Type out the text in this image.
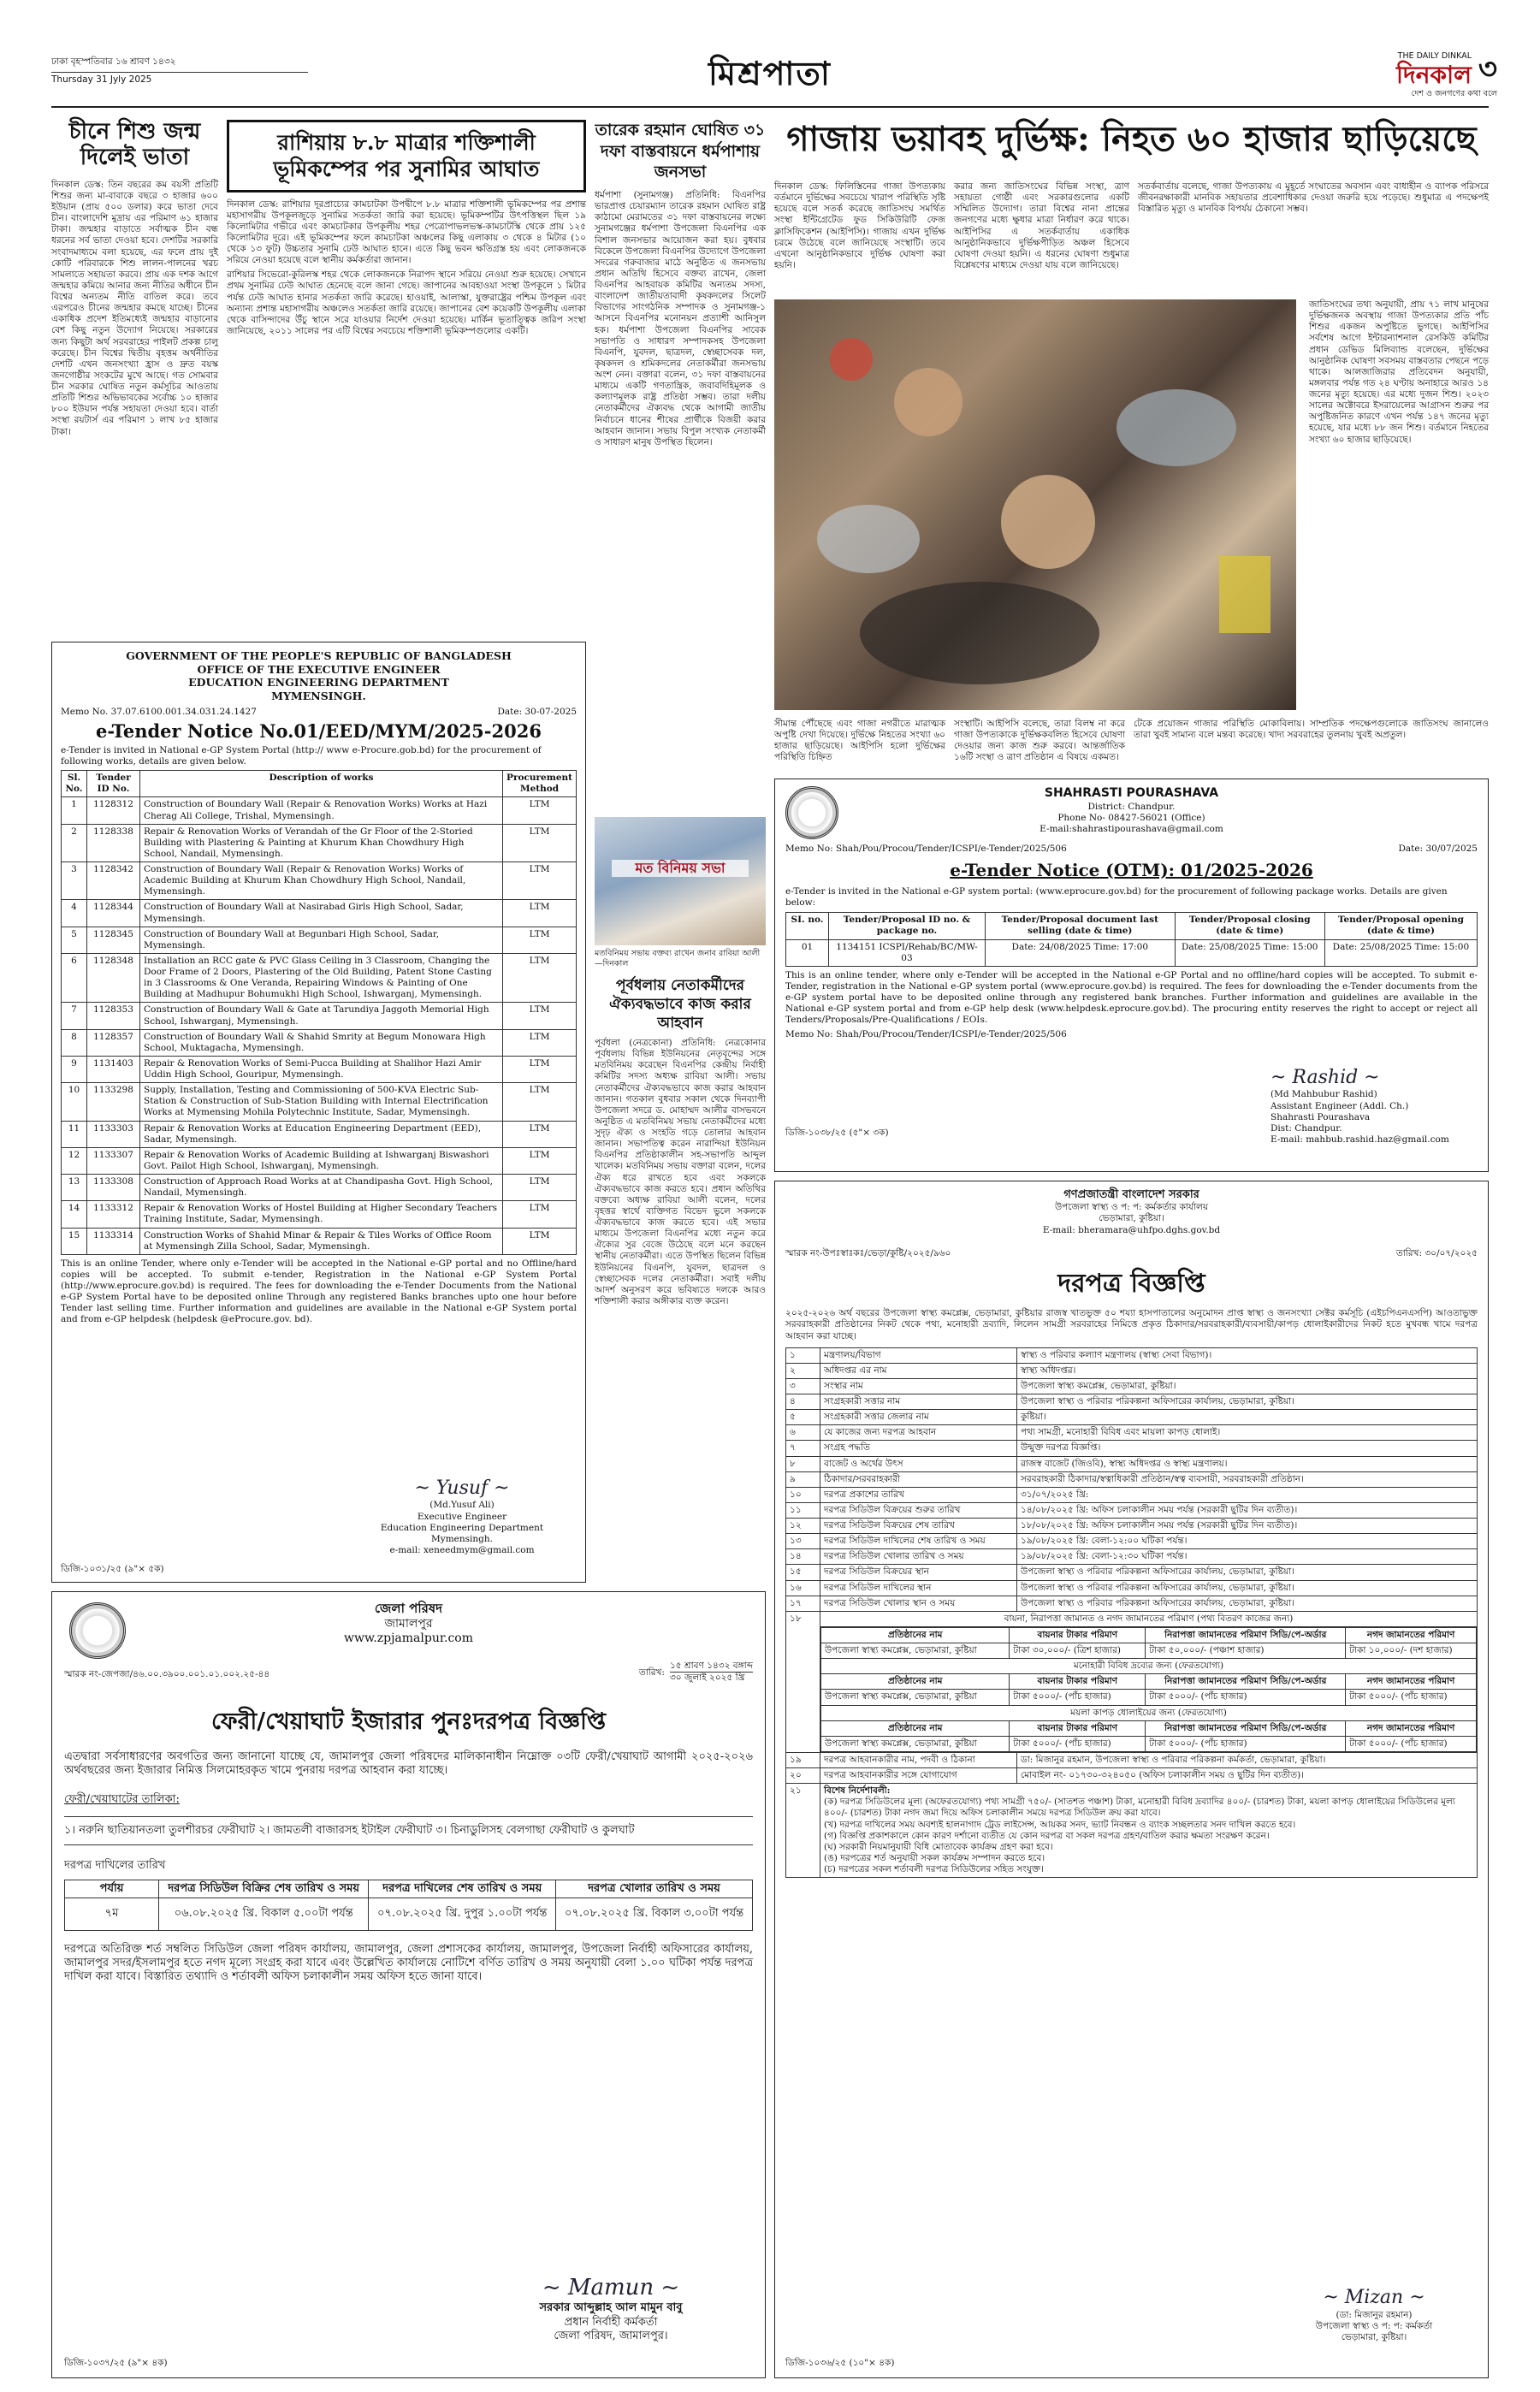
ঢাকা বৃহস্পতিবার ১৬ শ্রাবণ ১৪৩২
Thursday 31 Jyly 2025	মিশ্রপাতা	THE DAILY DINKAL
দিনকাল ৩
দেশ ও জনগণের কথা বলে
চীনে শিশু জন্ম দিলেই ভাতা
দিনকাল ডেস্ক: তিন বছরের কম বয়সী প্রতিটি শিশুর জন্য মা-বাবাকে বছরে ৩ হাজার ৬০০ ইউয়ান (প্রায় ৫০০ ডলার) করে ভাতা দেবে চীন। বাংলাদেশি মুদ্রায় এর পরিমাণ ৬১ হাজার টাকা। জন্মহার বাড়াতে সর্বাত্মক চীন বন্ধ ধরনের সর্ব ভাতা দেওয়া হবে। দেশটির সরকারি সংবাদমাধ্যমে বলা হয়েছে, এর ফলে প্রায় দুই কোটি পরিবারকে শিশু লালন-পালনের খরচ সামলাতে সহায়তা করবে। প্রায় এক দশক আগে জন্মহার কমিয়ে আনার জন্য নীতির অধীনে চীন বিশ্বের অন্যতম নীতি বাতিল করে। তবে এরপরেও চীনের জন্মহার কমছে যাচ্ছে। চীনের একাধিক প্রদেশ ইতিমধ্যেই জন্মহার বাড়ানোর বেশ কিছু নতুন উদ্যোগ নিয়েছে। সরকারের জন্য কিছুটা অর্থ সরবরাহের পাইলট প্রকল্প চালু করেছে। চীন বিশ্বের দ্বিতীয় বৃহত্তম অর্থনীতির দেশটি এখন জনসংখ্যা হ্রাস ও দ্রুত বয়স্ক জনগোষ্ঠীর সংকটের মুখে আছে। গত সোমবার চীন সরকার ঘোষিত নতুন কর্মসূচির আওতায় প্রতিটি শিশুর অভিভাবকের সর্বোচ্চ ১০ হাজার ৮০০ ইউয়ান পর্যন্ত সহায়তা দেওয়া হবে। বার্তা সংস্থা রয়টার্স এর পরিমাণ ১ লাখ ৮৫ হাজার টাকা।
রাশিয়ায় ৮.৮ মাত্রার শক্তিশালী ভূমিকম্পের পর সুনামির আঘাত
দিনকাল ডেস্ক: রাশিয়ার দূরপ্রাচ্যের কামচাটকা উপদ্বীপে ৮.৮ মাত্রার শক্তিশালী ভূমিকম্পের পর প্রশান্ত মহাসাগরীয় উপকূলজুড়ে সুনামির সতর্কতা জারি করা হয়েছে। ভূমিকম্পটির উৎপত্তিস্থল ছিল ১৯ কিলোমিটার গভীরে এবং কামচাটকার উপকূলীয় শহর পেত্রোপাভলভস্ক-কামচাটস্কি থেকে প্রায় ১২৫ কিলোমিটার দূরে। এই ভূমিকম্পের ফলে কামচাটকা অঞ্চলের কিছু এলাকায় ৩ থেকে ৪ মিটার (১০ থেকে ১৩ ফুট) উচ্চতার সুনামি ঢেউ আঘাত হানে। এতে কিছু ভবন ক্ষতিগ্রস্ত হয় এবং লোকজনকে সরিয়ে নেওয়া হয়েছে বলে স্থানীয় কর্মকর্তারা জানান।
রাশিয়ার সিভেরো-কুরিলস্ক শহর থেকে লোকজনকে নিরাপদ স্থানে সরিয়ে নেওয়া শুরু হয়েছে। সেখানে প্রথম সুনামির ঢেউ আঘাত হেনেছে বলে জানা গেছে। জাপানের আবহাওয়া সংস্থা উপকূলে ১ মিটার পর্যন্ত ঢেউ আঘাত হানার সতর্কতা জারি করেছে। হাওয়াই, আলাস্কা, যুক্তরাষ্ট্রের পশ্চিম উপকূল এবং অন্যান্য প্রশান্ত মহাসাগরীয় অঞ্চলেও সতর্কতা জারি রয়েছে। জাপানের বেশ কয়েকটি উপকূলীয় এলাকা থেকে বাসিন্দাদের উঁচু স্থানে সরে যাওয়ার নির্দেশ দেওয়া হয়েছে। মার্কিন ভূতাত্ত্বিক জরিপ সংস্থা জানিয়েছে, ২০১১ সালের পর এটি বিশ্বের সবচেয়ে শক্তিশালী ভূমিকম্পগুলোর একটি।
তারেক রহমান ঘোষিত ৩১ দফা বাস্তবায়নে ধর্মপাশায় জনসভা
ধর্মপাশা (সুনামগঞ্জ) প্রতিনিধি: বিএনপির ভারপ্রাপ্ত চেয়ারম্যান তারেক রহমান ঘোষিত রাষ্ট্র কাঠামো মেরামতের ৩১ দফা বাস্তবায়নের লক্ষ্যে সুনামগঞ্জের ধর্মপাশা উপজেলা বিএনপির এক বিশাল জনসভার আয়োজন করা হয়। বুধবার বিকেলে উপজেলা বিএনপির উদ্যোগে উপজেলা সদরের গরুবাজার মাঠে অনুষ্ঠিত এ জনসভায় প্রধান অতিথি হিসেবে বক্তব্য রাখেন, জেলা বিএনপির আহবায়ক কমিটির অন্যতম সদস্য, বাংলাদেশ জাতীয়তাবাদী কৃষকদলের সিলেট বিভাগের সাংগঠনিক সম্পাদক ও সুনামগঞ্জ-১ আসনে বিএনপির মনোনয়ন প্রত্যাশী আনিসুল হক। ধর্মপাশা উপজেলা বিএনপির সাবেক সভাপতি ও সাধারণ সম্পাদকসহ উপজেলা বিএনপি, যুবদল, ছাত্রদল, স্বেচ্ছাসেবক দল, কৃষকদল ও শ্রমিকদলের নেতাকর্মীরা জনসভায় অংশ নেন। বক্তারা বলেন, ৩১ দফা বাস্তবায়নের মাধ্যমে একটি গণতান্ত্রিক, জবাবদিহিমূলক ও কল্যাণমূলক রাষ্ট্র প্রতিষ্ঠা সম্ভব। তারা দলীয় নেতাকর্মীদের ঐক্যবদ্ধ থেকে আগামী জাতীয় নির্বাচনে ধানের শীষের প্রার্থীকে বিজয়ী করার আহবান জানান। সভায় বিপুল সংখ্যক নেতাকর্মী ও সাধারণ মানুষ উপস্থিত ছিলেন।
গাজায় ভয়াবহ দুর্ভিক্ষ: নিহত ৬০ হাজার ছাড়িয়েছে
দিনকাল ডেস্ক: ফিলিস্তিনের গাজা উপত্যকায় বর্তমানে দুর্ভিক্ষের সবচেয়ে খারাপ পরিস্থিতি সৃষ্টি হয়েছে বলে সতর্ক করেছে জাতিসংঘ সমর্থিত সংস্থা ইন্টিগ্রেটেড ফুড সিকিউরিটি ফেজ ক্লাসিফিকেশন (আইপিসি)। গাজায় এখন দুর্ভিক্ষ চরমে উঠেছে বলে জানিয়েছে সংস্থাটি। তবে এখনো আনুষ্ঠানিকভাবে দুর্ভিক্ষ ঘোষণা করা হয়নি।
করার জন্য জাতিসংঘের বিভিন্ন সংস্থা, ত্রাণ সহায়তা গোষ্ঠী এবং সরকারগুলোর একটি সম্মিলিত উদ্যোগ। তারা বিশ্বের নানা প্রান্তের জনগণের মধ্যে ক্ষুধার মাত্রা নির্ধারণ করে থাকে। আইপিসির এ সতর্কবার্তায় একাধিক আনুষ্ঠানিকভাবে দুর্ভিক্ষপীড়িত অঞ্চল হিসেবে ঘোষণা দেওয়া হয়নি। এ ধরনের ঘোষণা শুধুমাত্র বিশ্লেষণের মাধ্যমে দেওয়া যায় বলে জানিয়েছে।
সতর্কবার্তায় বলেছে, গাজা উপত্যকায় এ মুহূর্তে সংঘাতের অবসান এবং বাধাহীন ও ব্যাপক পরিসরে জীবনরক্ষাকারী মানবিক সহায়তার প্রবেশাধিকার দেওয়া জরুরি হয়ে পড়েছে। শুধুমাত্র এ পদক্ষেপই বিস্তারিত মৃত্যু ও মানবিক বিপর্যয় ঠেকানো সম্ভব।
জাতিসংঘের তথ্য অনুযায়ী, প্রায় ৭১ লাখ মানুষের দুর্ভিক্ষজনক অবস্থায় গাজা উপত্যকার প্রতি পাঁচ শিশুর একজন অপুষ্টিতে ভুগছে। আইপিসির সর্বশেষ আগে ইন্টারন্যাশনাল রেসকিউ কমিটির প্রধান ডেভিড মিলিব্যান্ড বলেছেন, দুর্ভিক্ষের আনুষ্ঠানিক ঘোষণা সবসময় বাস্তবতার পেছনে পড়ে থাকে। আলজাজিরার প্রতিবেদন অনুযায়ী, মঙ্গলবার পর্যন্ত গত ২৪ ঘণ্টায় অনাহারে আরও ১৪ জনের মৃত্যু হয়েছে। এর মধ্যে দুজন শিশু। ২০২৩ সালের অক্টোবরে ইসরায়েলের আগ্রাসন শুরুর পর অপুষ্টিজনিত কারণে এখন পর্যন্ত ১৪৭ জনের মৃত্যু হয়েছে, যার মধ্যে ৮৮ জন শিশু। বর্তমানে নিহতের সংখ্যা ৬০ হাজার ছাড়িয়েছে।
সীমান্ত পৌঁছেছে এবং গাজা নগরীতে মারাত্মক অপুষ্টি দেখা দিয়েছে। দুর্ভিক্ষে নিহতের সংখ্যা ৬০ হাজার ছাড়িয়েছে। আইপিসি হলো দুর্ভিক্ষের পরিস্থিতি চিহ্নিত
সংস্থাটি। আইপিসি বলেছে, তারা বিলম্ব না করে গাজা উপত্যকাকে দুর্ভিক্ষকবলিত হিসেবে ঘোষণা দেওয়ার জন্য কাজ শুরু করবে। আন্তর্জাতিক ১৬টি সংস্থা ও ত্রাণ প্রতিষ্ঠান এ বিষয়ে একমত।
টেকে প্রয়োজন গাজার পরিস্থিতি মোকাবিলায়। সাম্প্রতিক পদক্ষেপগুলোকে জাতিসংঘ জানালেও তারা খুবই সামান্য বলে মন্তব্য করেছে। খাদ্য সরবরাহের তুলনায় খুবই অপ্রতুল।
GOVERNMENT OF THE PEOPLE'S REPUBLIC OF BANGLADESH
OFFICE OF THE EXECUTIVE ENGINEER
EDUCATION ENGINEERING DEPARTMENT
MYMENSINGH.
Memo No. 37.07.6100.001.34.031.24.1427	Date: 30-07-2025
e-Tender Notice No.01/EED/MYM/2025-2026
e-Tender is invited in National e-GP System Portal (http:// www e-Procure.gob.bd) for the procurement of following works, details are given below.
Sl. No.	Tender ID No.	Description of works	Procurement Method
1	1128312	Construction of Boundary Wall (Repair & Renovation Works) Works at Hazi Cherag Ali College, Trishal, Mymensingh.	LTM
2	1128338	Repair & Renovation Works of Verandah of the Gr Floor of the 2-Storied Building with Plastering & Painting at Khurum Khan Chowdhury High School, Nandail, Mymensingh.	LTM
3	1128342	Construction of Boundary Wall (Repair & Renovation Works) Works of Academic Building at Khurum Khan Chowdhury High School, Nandail, Mymensingh.	LTM
4	1128344	Construction of Boundary Wall at Nasirabad Girls High School, Sadar, Mymensingh.	LTM
5	1128345	Construction of Boundary Wall at Begunbari High School, Sadar, Mymensingh.	LTM
6	1128348	Installation an RCC gate & PVC Glass Ceiling in 3 Classroom, Changing the Door Frame of 2 Doors, Plastering of the Old Building, Patent Stone Casting in 3 Classrooms & One Veranda, Repairing Windows & Painting of One Building at Madhupur Bohumukhi High School, Ishwarganj, Mymensingh.	LTM
7	1128353	Construction of Boundary Wall & Gate at Tarundiya Jaggoth Memorial High School, Ishwarganj, Mymensingh.	LTM
8	1128357	Construction of Boundary Wall & Shahid Smrity at Begum Monowara High School, Muktagacha, Mymensingh.	LTM
9	1131403	Repair & Renovation Works of Semi-Pucca Building at Shalihor Hazi Amir Uddin High School, Gouripur, Mymensingh.	LTM
10	1133298	Supply, Installation, Testing and Commissioning of 500-KVA Electric Sub-Station & Construction of Sub-Station Building with Internal Electrification Works at Mymensing Mohila Polytechnic Institute, Sadar, Mymensingh.	LTM
11	1133303	Repair & Renovation Works at Education Engineering Department (EED), Sadar, Mymensingh.	LTM
12	1133307	Repair & Renovation Works of Academic Building at Ishwarganj Biswashori Govt. Pailot High School, Ishwarganj, Mymensingh.	LTM
13	1133308	Construction of Approach Road Works at at Chandipasha Govt. High School, Nandail, Mymensingh.	LTM
14	1133312	Repair & Renovation Works of Hostel Building at Higher Secondary Teachers Training Institute, Sadar, Mymensingh.	LTM
15	1133314	Construction Works of Shahid Minar & Repair & Tiles Works of Office Room at Mymensingh Zilla School, Sadar, Mymensingh.	LTM
This is an online Tender, where only e-Tender will be accepted in the National e-GP portal and no Offline/hard copies will be accepted. To submit e-tender, Registration in the National e-GP System Portal (http://www.eprocure.gov.bd) is required. The fees for downloading the e-Tender Documents from the National e-GP System Portal have to be deposited online Through any registered Banks branches upto one hour before Tender last selling time. Further information and guidelines are available in the National e-GP System portal and from e-GP helpdesk (helpdesk @eProcure.gov. bd).
~ Yusuf ~
(Md.Yusuf Ali)
Executive Engineer
Education Engineering Department
Mymensingh.
e-mail: xeneedmym@gmail.com
ডিজি-১০৩১/২৫ (৯"× ৫ক)
মত বিনিময় সভা
মতবিনিময় সভায় বক্তব্য রাখেন জনাব রাবিয়া আলী —দিনকাল
পূর্বধলায় নেতাকর্মীদের ঐক্যবদ্ধভাবে কাজ করার আহবান
পূর্বধলা (নেত্রকোনা) প্রতিনিধি: নেত্রকোনার পূর্বধলায় বিভিন্ন ইউনিয়নের নেতৃবৃন্দের সঙ্গে মতবিনিময় করেছেন বিএনপির কেন্দ্রীয় নির্বাহী কমিটির সদস্য অধ্যক্ষ রাবিয়া আলী। সভায় নেতাকর্মীদের ঐক্যবদ্ধভাবে কাজ করার আহবান জানান। গতকাল বুধবার সকাল থেকে দিনব্যাপী উপজেলা সদরে ড. মোহাম্মদ আলীর বাসভবনে অনুষ্ঠিত এ মতবিনিময় সভায় নেতাকর্মীদের মধ্যে সুদৃঢ় ঐক্য ও সংহতি গড়ে তোলার আহবান জানান। সভাপতিত্ব করেন নারান্দিয়া ইউনিয়ন বিএনপির প্রতিষ্ঠাকালীন সহ-সভাপতি আব্দুল খালেক। মতবিনিময় সভায় বক্তারা বলেন, দলের ঐক্য ধরে রাখতে হবে এবং সকলকে ঐক্যবদ্ধভাবে কাজ করতে হবে। প্রধান অতিথির বক্তব্যে অধ্যক্ষ রাবিয়া আলী বলেন, দলের বৃহত্তর স্বার্থে ব্যক্তিগত বিভেদ ভুলে সকলকে ঐক্যবদ্ধভাবে কাজ করতে হবে। এই সভার মাধ্যমে উপজেলা বিএনপির মধ্যে নতুন করে ঐক্যের সুর বেজে উঠেছে বলে মনে করছেন স্থানীয় নেতাকর্মীরা। এতে উপস্থিত ছিলেন বিভিন্ন ইউনিয়নের বিএনপি, যুবদল, ছাত্রদল ও স্বেচ্ছাসেবক দলের নেতাকর্মীরা। সবাই দলীয় আদর্শ অনুসরণ করে ভবিষ্যতে দলকে আরও শক্তিশালী করার অঙ্গীকার ব্যক্ত করেন।
SHAHRASTI POURASHAVA
District: Chandpur.
Phone No- 08427-56021 (Office)
E-mail:shahrastipourashava@gmail.com
Memo No: Shah/Pou/Procou/Tender/ICSPI/e-Tender/2025/506	Date: 30/07/2025
e-Tender Notice (OTM): 01/2025-2026
e-Tender is invited in the National e-GP system portal: (www.eprocure.gov.bd) for the procurement of following package works. Details are given below:
SI. no.	Tender/Proposal ID no. & package no.	Tender/Proposal document last selling (date & time)	Tender/Proposal closing (date & time)	Tender/Proposal opening (date & time)
01	1134151 ICSPI/Rehab/BC/MW-03	Date: 24/08/2025 Time: 17:00	Date: 25/08/2025 Time: 15:00	Date: 25/08/2025 Time: 15:00
This is an online tender, where only e-Tender will be accepted in the National e-GP Portal and no offline/hard copies will be accepted. To submit e-Tender, registration in the National e-GP system portal (www.eprocure.gov.bd) is required. The fees for downloading the e-Tender documents from the e-GP system portal have to be deposited online through any registered bank branches. Further information and guidelines are available in the National e-GP system portal and from e-GP help desk (www.helpdesk.eprocure.gov.bd). The procuring entity reserves the right to accept or reject all Tenders/Proposals/Pre-Qualifications / EOIs.
Memo No: Shah/Pou/Procou/Tender/ICSPI/e-Tender/2025/506
~ Rashid ~
(Md Mahbubur Rashid)
Assistant Engineer (Addl. Ch.)
Shahrasti Pourashava
Dist: Chandpur.
E-mail: mahbub.rashid.haz@gmail.com
ডিজি-১০৩৮/২৫ (৫"× ৩ক)
গণপ্রজাতন্ত্রী বাংলাদেশ সরকার
উপজেলা স্বাস্থ্য ও প: প: কর্মকর্তার কার্যালয়
ভেড়ামারা, কুষ্টিয়া।
E-mail: bheramara@uhfpo.dghs.gov.bd
স্মারক নং-উপঃস্বাঃকঃ/ভেড়া/কুষ্টি/২০২৫/৯৬০	তারিখ: ৩০/০৭/২০২৫
দরপত্র বিজ্ঞপ্তি
২০২৫-২০২৬ অর্থ বছরের উপজেলা স্বাস্থ্য কমপ্লেক্স, ভেড়ামারা, কুষ্টিয়ার রাজস্ব খাতভুক্ত ৫০ শয্যা হাসপাতালের অনুমোদন প্রাপ্ত স্বাস্থ্য ও জনসংখ্যা সেক্টর কর্মসূচি (এইচপিএনএসপি) আওতাভুক্ত সরবরাহকারী প্রতিষ্ঠানের নিকট থেকে পথ্য, মনোহারী দ্রব্যাদি, লিলেন সামগ্রী সরবরাহের নিমিত্তে প্রকৃত ঠিকাদার/সরবরাহকারী/ব্যবসায়ী/কাপড় ধোলাইকারীদের নিকট হতে মুখবন্ধ খামে দরপত্র আহবান করা যাচ্ছে।
১	মন্ত্রণালয়/বিভাগ	স্বাস্থ্য ও পরিবার কল্যাণ মন্ত্রণালয় (স্বাস্থ্য সেবা বিভাগ)।
২	অধিদপ্তর এর নাম	স্বাস্থ্য অধিদপ্তর।
৩	সংস্থার নাম	উপজেলা স্বাস্থ্য কমপ্লেক্স, ভেড়ামারা, কুষ্টিয়া।
৪	সংগ্রহকারী সত্তার নাম	উপজেলা স্বাস্থ্য ও পরিবার পরিকল্পনা অফিসারের কার্যালয়, ভেড়ামারা, কুষ্টিয়া।
৫	সংগ্রহকারী সত্তার জেলার নাম	কুষ্টিয়া।
৬	যে কাজের জন্য দরপত্র আহবান	পথ্য সামগ্রী, মনোহারী বিবিধ এবং মায়লা কাপড় ধোলাই।
৭	সংগ্রহ পদ্ধতি	উন্মুক্ত দরপত্র বিজ্ঞপ্তি।
৮	বাজেট ও অর্থের উৎস	রাজস্ব বাজেট (জিওবি), স্বাস্থ্য অধিদপ্তর ও স্বাস্থ্য মন্ত্রণালয়।
৯	ঠিকাদার/সরবরাহকারী	সরবরাহকারী ঠিকাদার/স্বত্বাধিকারী প্রতিষ্ঠান/স্বত্ব ব্যবসায়ী, সরবরাহকারী প্রতিষ্ঠান।
১০	দরপত্র প্রকাশের তারিখ	৩১/০৭/২০২৫ খ্রি:
১১	দরপত্র সিডিউল বিক্রয়ের শুরুর তারিখ	১৪/০৮/২০২৫ খ্রি: অফিস চলাকালীন সময় পর্যন্ত (সরকারী ছুটির দিন ব্যতীত)।
১২	দরপত্র সিডিউল বিক্রয়ের শেষ তারিখ	১৮/০৮/২০২৫ খ্রি: অফিস চলাকালীন সময় পর্যন্ত (সরকারী ছুটির দিন ব্যতীত)।
১৩	দরপত্র সিডিউল দাখিলের শেষ তারিখ ও সময়	১৯/০৮/২০২৫ খ্রি: বেলা-১২:০০ ঘটিকা পর্যন্ত।
১৪	দরপত্র সিডিউল খোলার তারিখ ও সময়	১৯/০৮/২০২৫ খ্রি: বেলা-১২:৩০ ঘটিকা পর্যন্ত।
১৫	দরপত্র সিডিউল বিক্রয়ের স্থান	উপজেলা স্বাস্থ্য ও পরিবার পরিকল্পনা অফিসারের কার্যালয়, ভেড়ামারা, কুষ্টিয়া।
১৬	দরপত্র সিডিউল দাখিলের স্থান	উপজেলা স্বাস্থ্য ও পরিবার পরিকল্পনা অফিসারের কার্যালয়, ভেড়ামারা, কুষ্টিয়া।
১৭	দরপত্র সিডিউল খোলার স্থান ও সময়	উপজেলা স্বাস্থ্য ও পরিবার পরিকল্পনা অফিসারের কার্যালয়, ভেড়ামারা, কুষ্টিয়া।
১৮	বায়না, নিরাপত্তা জামানত ও নগদ জামানতের পরিমাণ (পথ্য বিতরণ কাজের জন্য)
প্রতিষ্ঠানের নাম	বায়নার টাকার পরিমাণ	নিরাপত্তা জামানতের পরিমাণ সিডি/পে-অর্ডার	নগদ জামানতের পরিমাণ
উপজেলা স্বাস্থ্য কমপ্লেক্স, ভেড়ামারা, কুষ্টিয়া	টাকা ৩০,০০০/- (ত্রিশ হাজার)	টাকা ৫০,০০০/- (পঞ্চাশ হাজার)	টাকা ১০,০০০/- (দশ হাজার)
মনোহারী বিবিধ দ্রব্যের জন্য (ফেরতযোগ্য)
প্রতিষ্ঠানের নাম	বায়নার টাকার পরিমাণ	নিরাপত্তা জামানতের পরিমাণ সিডি/পে-অর্ডার	নগদ জামানতের পরিমাণ
উপজেলা স্বাস্থ্য কমপ্লেক্স, ভেড়ামারা, কুষ্টিয়া	টাকা ৫০০০/- (পাঁচ হাজার)	টাকা ৫০০০/- (পাঁচ হাজার)	টাকা ৫০০০/- (পাঁচ হাজার)
ময়লা কাপড় ধোলাইয়ের জন্য (ফেরতযোগ্য)
প্রতিষ্ঠানের নাম	বায়নার টাকার পরিমাণ	নিরাপত্তা জামানতের পরিমাণ সিডি/পে-অর্ডার	নগদ জামানতের পরিমাণ
উপজেলা স্বাস্থ্য কমপ্লেক্স, ভেড়ামারা, কুষ্টিয়া	টাকা ৫০০০/- (পাঁচ হাজার)	টাকা ৫০০০/- (পাঁচ হাজার)	টাকা ৫০০০/- (পাঁচ হাজার)

১৯	দরপত্র আহবানকারীর নাম, পদবী ও ঠিকানা	ডা: মিজানুর রহমান, উপজেলা স্বাস্থ্য ও পরিবার পরিকল্পনা কর্মকর্তা, ভেড়ামারা, কুষ্টিয়া।
২০	দরপত্র আহবানকারীর সঙ্গে যোগাযোগ	মোবাইল নং- ০১৭৩০-৩২৪০৫০ (অফিস চলাকালীন সময় ও ছুটির দিন ব্যতীত)।
২১	বিশেষ নির্দেশাবলী:
(ক) দরপত্র সিডিউলের মূল্য (অফেরতযোগ্য) পথ্য সামগ্রী ৭৫০/- (সাতশত পঞ্চাশ) টাকা, মনোহারী বিবিধ দ্রব্যাদির ৪০০/- (চারশত) টাকা, ময়লা কাপড় ধোলাইয়ের সিডিউলের মূল্য ৪০০/- (চারশত) টাকা নগদ জমা দিয়ে অফিস চলাকালীন সময়ে দরপত্র সিডিউল ক্রয় করা যাবে।
(খ) দরপত্র দাখিলের সময় অবশ্যই হালনাগাদ ট্রেড লাইসেন্স, আয়কর সনদ, ভ্যাট নিবন্ধন ও ব্যাংক সচ্ছলতার সনদ দাখিল করতে হবে।
(গ) বিজ্ঞপ্তি প্রকাশকালে কোন কারণ দর্শানো ব্যতীত যে কোন দরপত্র বা সকল দরপত্র গ্রহণ/বাতিল করার ক্ষমতা সংরক্ষণ করেন।
(ঘ) সরকারী নিয়মানুযায়ী বিধি মোতাবেক কার্যক্রম গ্রহণ করা হবে।
(ঙ) দরপত্রের শর্ত অনুযায়ী সকল কার্যক্রম সম্পাদন করতে হবে।
(চ) দরপত্রের সকল শর্তাবলী দরপত্র সিডিউলের সহিত সংযুক্ত।
~ Mizan ~
(ডা: মিজানুর রহমান)
উপজেলা স্বাস্থ্য ও প: প: কর্মকর্তা
ভেড়ামারা, কুষ্টিয়া।
ডিজি-১০৩৬/২৫ (১০"× ৪ক)
জেলা পরিষদ
জামালপুর
www.zpjamalpur.com
স্মারক নং-জেপজা/৪৬.০০.৩৯০০.০০১.০১.০০২.২৫-৪৪	তারিখ:
১৫ শ্রাবণ ১৪৩২ বঙ্গাব্দ
৩০ জুলাই ২০২৫ খ্রি
ফেরী/খেয়াঘাট ইজারার পুনঃদরপত্র বিজ্ঞপ্তি
এতদ্বারা সর্বসাধারণের অবগতির জন্য জানানো যাচ্ছে যে, জামালপুর জেলা পরিষদের মালিকানাধীন নিম্নোক্ত ০৩টি ফেরী/খেয়াঘাট আগামী ২০২৫-২০২৬ অর্থবছরের জন্য ইজারার নিমিত্ত সিলমোহরকৃত খামে পুনরায় দরপত্র আহবান করা যাচ্ছে।
ফেরী/খেয়াঘাটের তালিকা:
১। নরুনি ছাতিয়ানতলা তুলশীরচর ফেরীঘাট ২। জামতলী বাজারসহ ইটাইল ফেরীঘাট ৩। চিনাডুলিসহ বেলগাছা ফেরীঘাট ও কুলঘাট
দরপত্র দাখিলের তারিখ
পর্যায়	দরপত্র সিডিউল বিক্রির শেষ তারিখ ও সময়	দরপত্র দাখিলের শেষ তারিখ ও সময়	দরপত্র খোলার তারিখ ও সময়
৭ম	০৬.০৮.২০২৫ খ্রি. বিকাল ৫.০০টা পর্যন্ত	০৭.০৮.২০২৫ খ্রি. দুপুর ১.০০টা পর্যন্ত	০৭.০৮.২০২৫ খ্রি. বিকাল ৩.০০টা পর্যন্ত
দরপত্রে অতিরিক্ত শর্ত সম্বলিত সিডিউল জেলা পরিষদ কার্যালয়, জামালপুর, জেলা প্রশাসকের কার্যালয়, জামালপুর, উপজেলা নির্বাহী অফিসারের কার্যালয়, জামালপুর সদর/ইসলামপুর হতে নগদ মূল্যে সংগ্রহ করা যাবে এবং উল্লেখিত কার্যালয়ে নোটিশে বর্ণিত তারিখ ও সময় অনুযায়ী বেলা ১.০০ ঘটিকা পর্যন্ত দরপত্র দাখিল করা যাবে। বিস্তারিত তথ্যাদি ও শর্তাবলী অফিস চলাকালীন সময় অফিস হতে জানা যাবে।
~ Mamun ~
সরকার আব্দুল্লাহ আল মামুন বাবু
প্রধান নির্বাহী কর্মকর্তা
জেলা পরিষদ, জামালপুর।
ডিজি-১০৩৭/২৫ (৯"× ৪ক)
